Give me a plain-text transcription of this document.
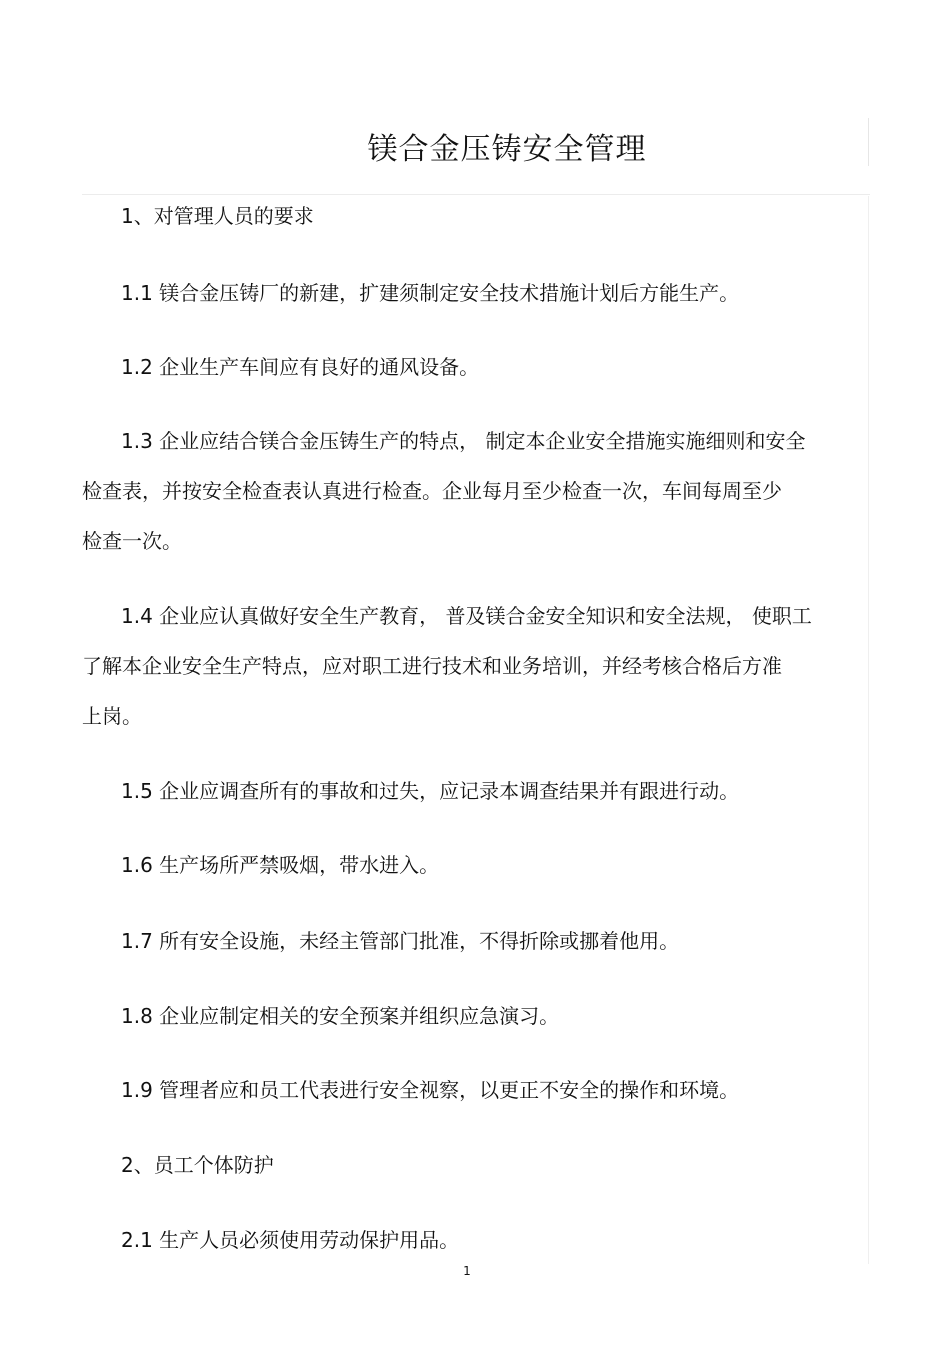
镁合金压铸安全管理

1、对管理人员的要求

1.1 镁合金压铸厂的新建，扩建须制定安全技术措施计划后方能生产。

1.2 企业生产车间应有良好的通风设备。

1.3 企业应结合镁合金压铸生产的特点， 制定本企业安全措施实施细则和安全

检查表，并按安全检查表认真进行检查。企业每月至少检查一次，车间每周至少

检查一次。

1.4 企业应认真做好安全生产教育， 普及镁合金安全知识和安全法规， 使职工

了解本企业安全生产特点，应对职工进行技术和业务培训，并经考核合格后方准

上岗。

1.5 企业应调查所有的事故和过失，应记录本调查结果并有跟进行动。

1.6 生产场所严禁吸烟，带水进入。

1.7 所有安全设施，未经主管部门批准，不得折除或挪着他用。

1.8 企业应制定相关的安全预案并组织应急演习。

1.9 管理者应和员工代表进行安全视察，以更正不安全的操作和环境。

2、员工个体防护

2.1 生产人员必须使用劳动保护用品。

1
